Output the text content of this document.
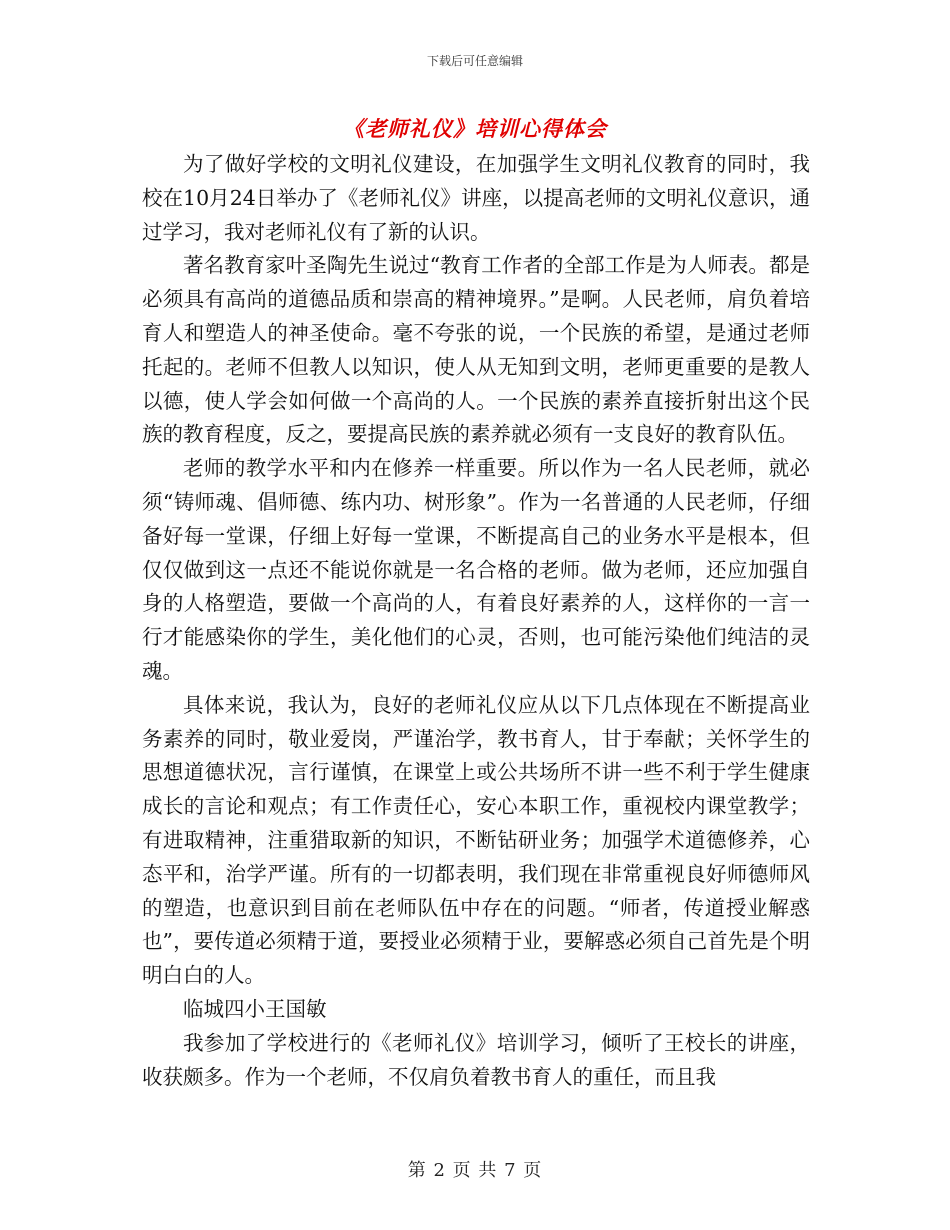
下载后可任意编辑
《老师礼仪》培训心得体会

为了做好学校的文明礼仪建设，在加强学生文明礼仪教育的同时，我校在10月24日举办了《老师礼仪》讲座，以提高老师的文明礼仪意识，通过学习，我对老师礼仪有了新的认识。

著名教育家叶圣陶先生说过“教育工作者的全部工作是为人师表。都是必须具有高尚的道德品质和崇高的精神境界。”是啊。人民老师，肩负着培育人和塑造人的神圣使命。毫不夸张的说，一个民族的希望，是通过老师托起的。老师不但教人以知识，使人从无知到文明，老师更重要的是教人以德，使人学会如何做一个高尚的人。一个民族的素养直接折射出这个民族的教育程度，反之，要提高民族的素养就必须有一支良好的教育队伍。

老师的教学水平和内在修养一样重要。所以作为一名人民老师，就必须“铸师魂、倡师德、练内功、树形象”。作为一名普通的人民老师，仔细备好每一堂课，仔细上好每一堂课，不断提高自己的业务水平是根本，但仅仅做到这一点还不能说你就是一名合格的老师。做为老师，还应加强自身的人格塑造，要做一个高尚的人，有着良好素养的人，这样你的一言一行才能感染你的学生，美化他们的心灵，否则，也可能污染他们纯洁的灵魂。

具体来说，我认为，良好的老师礼仪应从以下几点体现在不断提高业务素养的同时，敬业爱岗，严谨治学，教书育人，甘于奉献；关怀学生的思想道德状况，言行谨慎，在课堂上或公共场所不讲一些不利于学生健康成长的言论和观点；有工作责任心，安心本职工作，重视校内课堂教学；有进取精神，注重猎取新的知识，不断钻研业务；加强学术道德修养，心态平和，治学严谨。所有的一切都表明，我们现在非常重视良好师德师风的塑造，也意识到目前在老师队伍中存在的问题。“师者，传道授业解惑也”，要传道必须精于道，要授业必须精于业，要解惑必须自己首先是个明明白白的人。

临城四小王国敏

我参加了学校进行的《老师礼仪》培训学习，倾听了王校长的讲座，收获颇多。作为一个老师，不仅肩负着教书育人的重任，而且我

第 2 页 共 7 页
